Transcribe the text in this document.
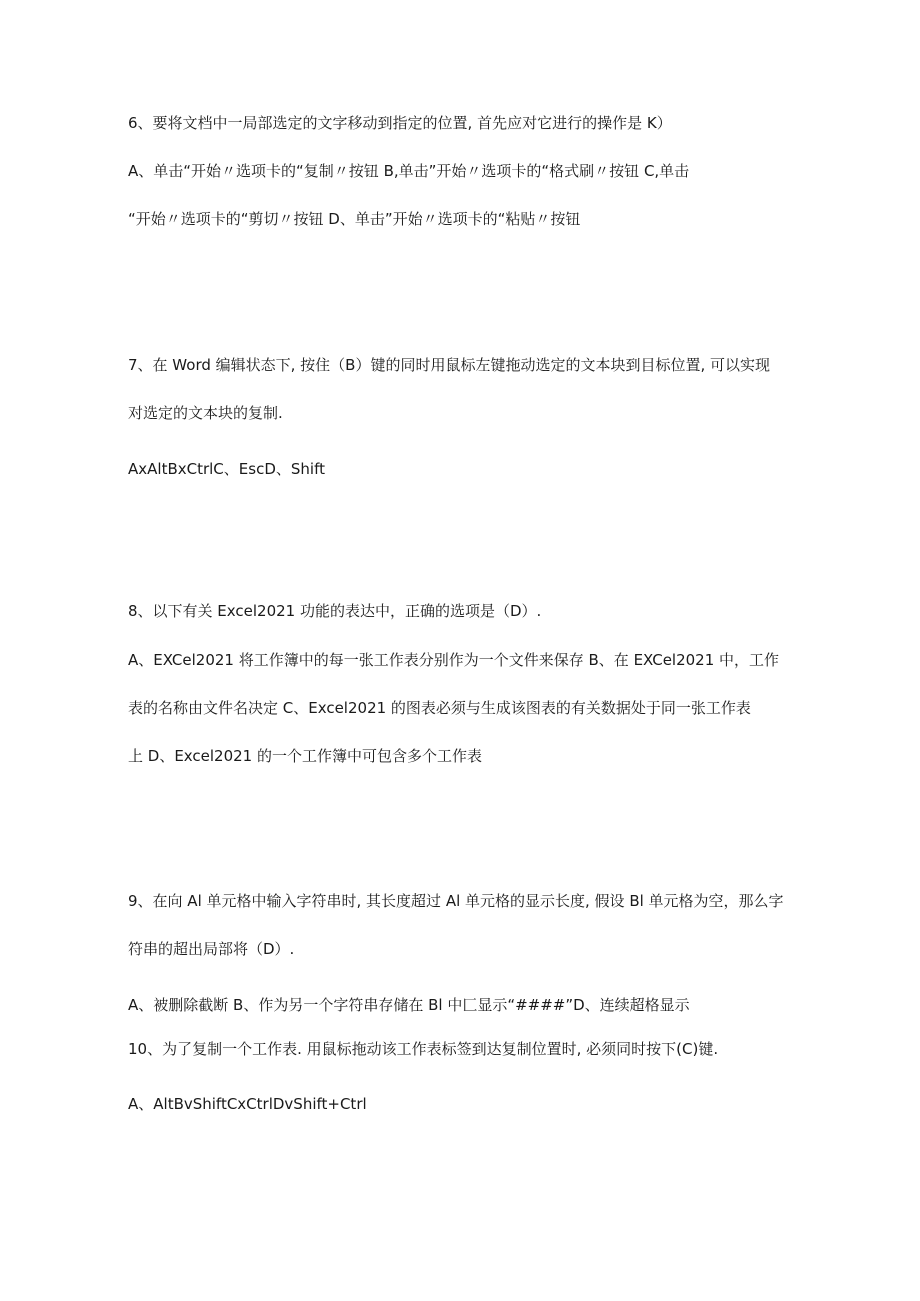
6、要将文档中一局部选定的文字移动到指定的位置, 首先应对它进行的操作是 K）
A、单击“开始〃选项卡的“复制〃按钮 B,单击”开始〃选项卡的“格式刷〃按钮 C,单击
“开始〃选项卡的“剪切〃按钮 D、单击”开始〃选项卡的“粘贴〃按钮
7、在 Word 编辑状态下, 按住（B）键的同时用鼠标左键拖动选定的文本块到目标位置, 可以实现
对选定的文本块的复制.
AxAltBxCtrlC、EscD、Shift
8、以下有关 Excel2021 功能的表达中，正确的选项是（D）.
A、EXCel2021 将工作簿中的每一张工作表分别作为一个文件来保存 B、在 EXCel2021 中，工作
表的名称由文件名决定 C、Excel2021 的图表必须与生成该图表的有关数据处于同一张工作表
上 D、Excel2021 的一个工作簿中可包含多个工作表
9、在向 Al 单元格中输入字符串时, 其长度超过 Al 单元格的显示长度, 假设 Bl 单元格为空，那么字
符串的超出局部将（D）.
A、被删除截断 B、作为另一个字符串存储在 Bl 中匚显示“####”D、连续超格显示
10、为了复制一个工作表. 用鼠标拖动该工作表标签到达复制位置时, 必须同时按下(C)键.
A、AltBvShiftCxCtrlDvShift+Ctrl
